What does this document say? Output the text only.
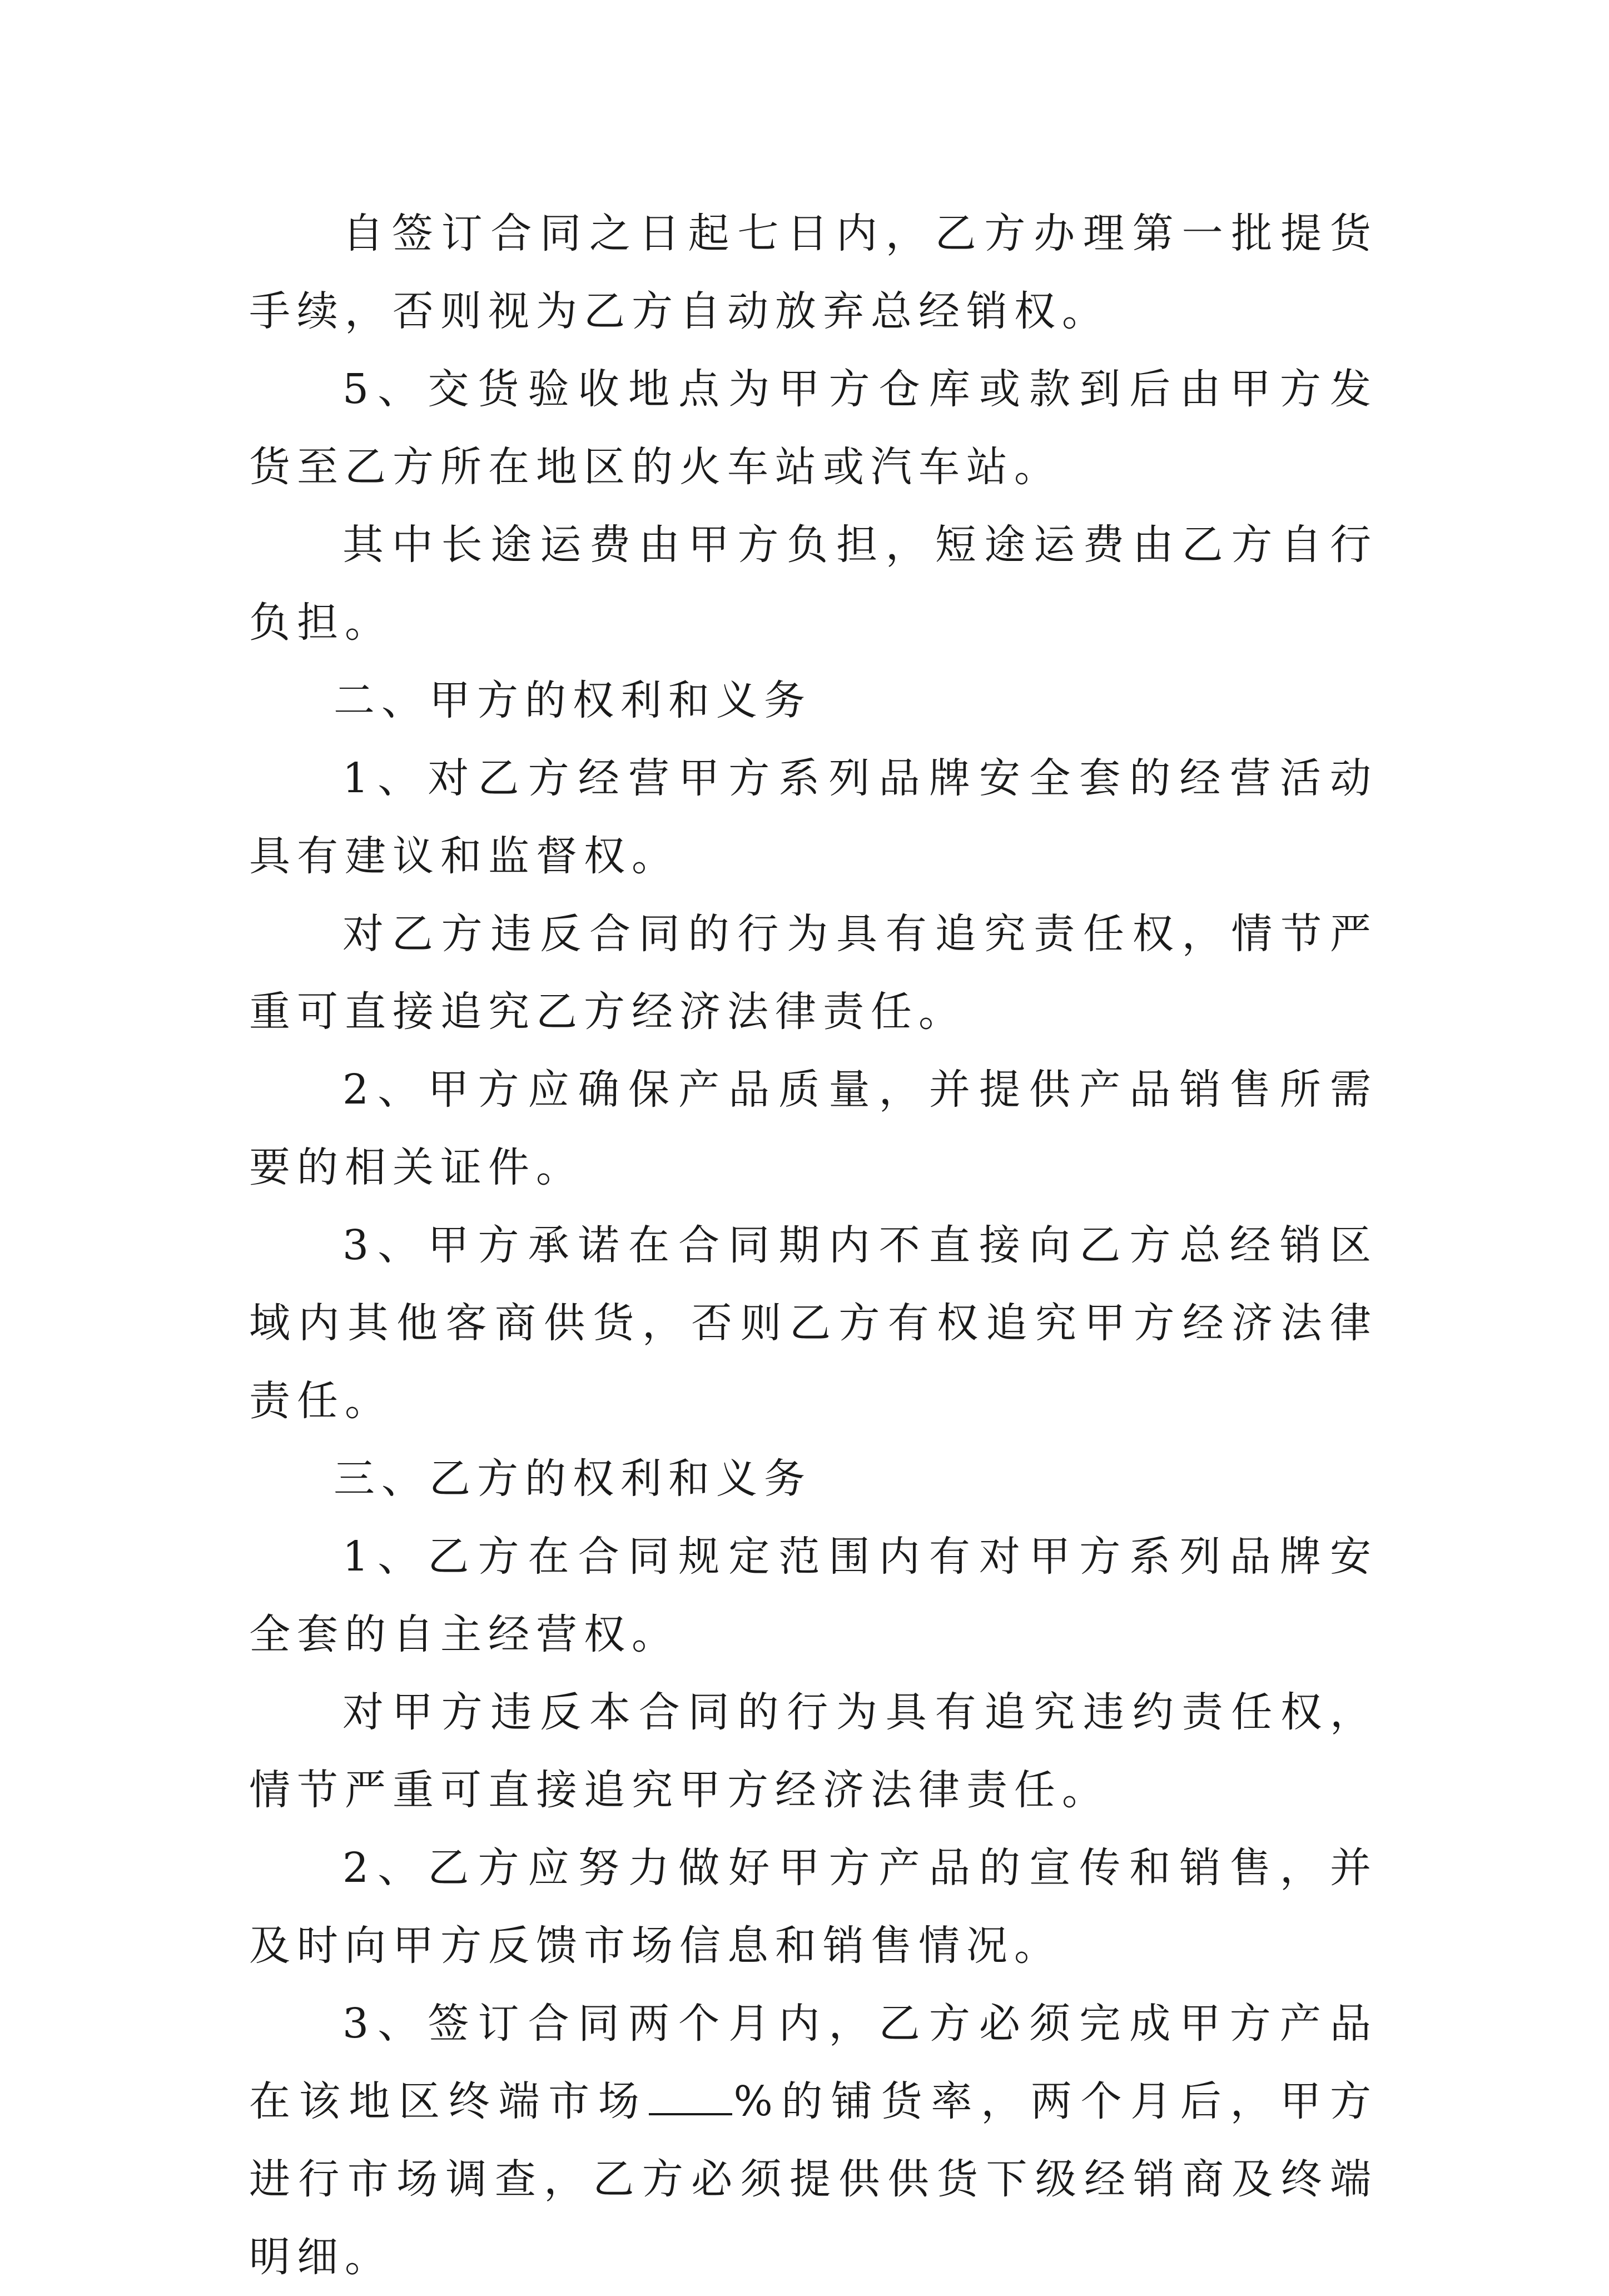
自签订合同之日起七日内，乙方办理第一批提货手续，否则视为乙方自动放弃总经销权。

5、交货验收地点为甲方仓库或款到后由甲方发货至乙方所在地区的火车站或汽车站。

其中长途运费由甲方负担，短途运费由乙方自行负担。

二、甲方的权利和义务

1、对乙方经营甲方系列品牌安全套的经营活动具有建议和监督权。

对乙方违反合同的行为具有追究责任权，情节严重可直接追究乙方经济法律责任。

2、甲方应确保产品质量，并提供产品销售所需要的相关证件。

3、甲方承诺在合同期内不直接向乙方总经销区域内其他客商供货，否则乙方有权追究甲方经济法律责任。

三、乙方的权利和义务

1、乙方在合同规定范围内有对甲方系列品牌安全套的自主经营权。

对甲方违反本合同的行为具有追究违约责任权，情节严重可直接追究甲方经济法律责任。

2、乙方应努力做好甲方产品的宣传和销售，并及时向甲方反馈市场信息和销售情况。

3、签订合同两个月内，乙方必须完成甲方产品在该地区终端市场 %的铺货率，两个月后，甲方进行市场调查，乙方必须提供供货下级经销商及终端明细。
